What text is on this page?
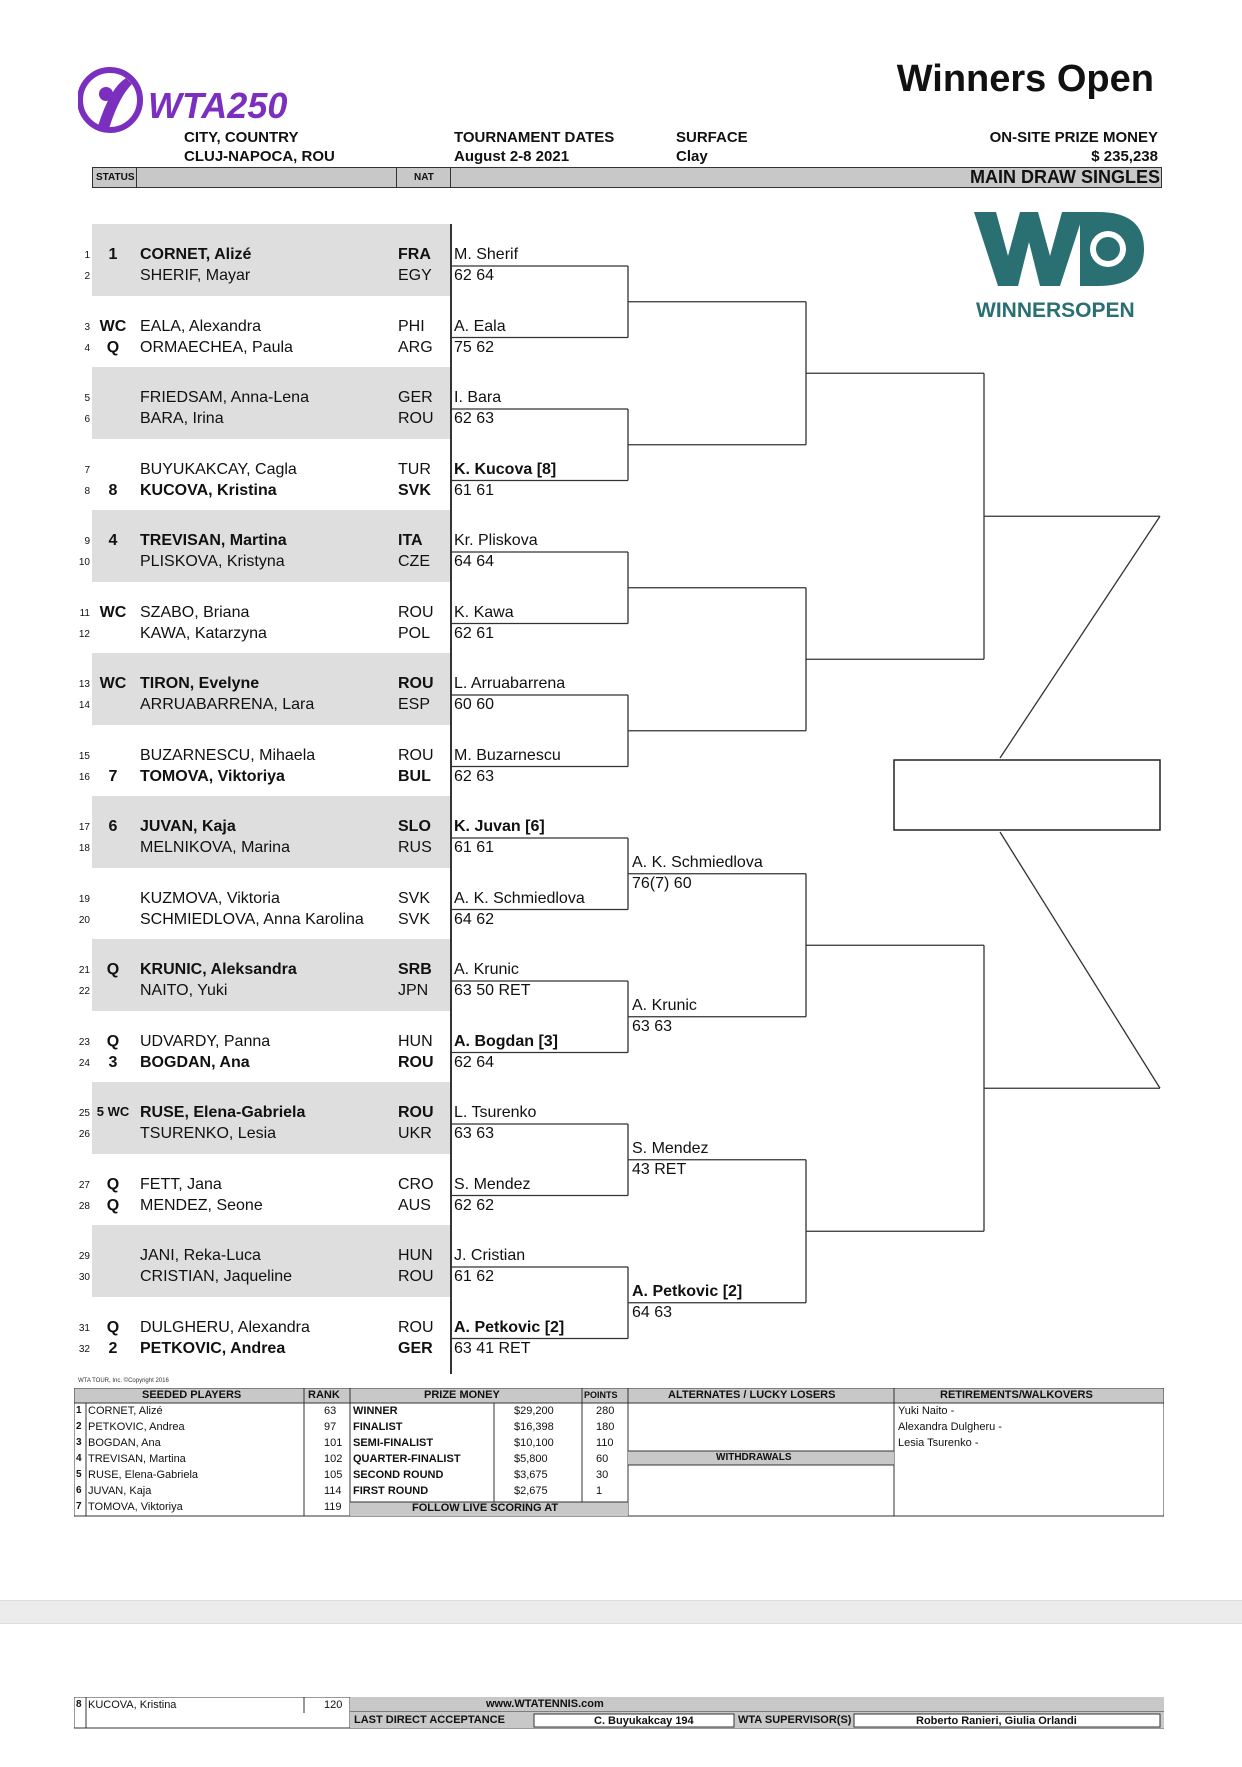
WTA250
Winners Open
CITY, COUNTRY
CLUJ-NAPOCA, ROU
TOURNAMENT DATES
August 2-8 2021
SURFACE
Clay
ON-SITE PRIZE MONEY
$ 235,238
STATUS	NAT	MAIN DRAW SINGLES
WINNERSOPEN
1	1	CORNET, Alizé	FRA
2	SHERIF, Mayar	EGY
3 WC EALA, Alexandra	PHI
4	Q	ORMAECHEA, Paula	ARG
5	FRIEDSAM, Anna-Lena	GER
6	BARA, Irina	ROU
7	BUYUKAKCAY, Cagla	TUR
8	8	KUCOVA, Kristina	SVK
9	4	TREVISAN, Martina	ITA
10	PLISKOVA, Kristyna	CZE
11 WC SZABO, Briana	ROU
12	KAWA, Katarzyna	POL
13 WC TIRON, Evelyne	ROU
14	ARRUABARRENA, Lara	ESP
15	BUZARNESCU, Mihaela	ROU
16	7	TOMOVA, Viktoriya	BUL
17	6	JUVAN, Kaja	SLO
18	MELNIKOVA, Marina	RUS
19	KUZMOVA, Viktoria	SVK
20	SCHMIEDLOVA, Anna Karolina SVK
21	Q	KRUNIC, Aleksandra	SRB
22	NAITO, Yuki	JPN
23	Q	UDVARDY, Panna	HUN
24	3	BOGDAN, Ana	ROU
25 5 WC RUSE, Elena-Gabriela	ROU
26	TSURENKO, Lesia	UKR
27	Q	FETT, Jana	CRO
28	Q	MENDEZ, Seone	AUS
29	JANI, Reka-Luca	HUN
30	CRISTIAN, Jaqueline	ROU
31	Q	DULGHERU, Alexandra	ROU
32	2	PETKOVIC, Andrea	GER
M. Sherif
62 64
A. Eala
75 62
I. Bara
62 63
K. Kucova [8]
61 61
Kr. Pliskova
64 64
K. Kawa
62 61
L. Arruabarrena
60 60
M. Buzarnescu
62 63
K. Juvan [6]
61 61
A. K. Schmiedlova
64 62
A. Krunic
63 50 RET
A. Bogdan [3]
62 64
L. Tsurenko
63 63
S. Mendez
62 62
J. Cristian
61 62
A. Petkovic [2]
63 41 RET
A. K. Schmiedlova
76(7) 60
A. Krunic
63 63
S. Mendez
43 RET
A. Petkovic [2]
64 63
WTA TOUR, Inc. ©Copyright 2016
SEEDED PLAYERS	RANK	PRIZE MONEY	POINTS	ALTERNATES / LUCKY LOSERS	RETIREMENTS/WALKOVERS
WITHDRAWALS
FOLLOW LIVE SCORING AT
1 CORNET, Alizé	63
2 PETKOVIC, Andrea	97
3 BOGDAN, Ana	101
4 TREVISAN, Martina	102
5 RUSE, Elena-Gabriela	105
6 JUVAN, Kaja	114
7 TOMOVA, Viktoriya	119
WINNER	$29,200	280
FINALIST	$16,398	180
SEMI-FINALIST	$10,100	110
QUARTER-FINALIST	$5,800	60
SECOND ROUND	$3,675	30
FIRST ROUND	$2,675	1
Yuki Naito -
Alexandra Dulgheru -
Lesia Tsurenko -
8 KUCOVA, Kristina	120	www.WTATENNIS.com
LAST DIRECT ACCEPTANCE	C. Buyukakcay 194	WTA SUPERVISOR(S)	Roberto Ranieri, Giulia Orlandi
